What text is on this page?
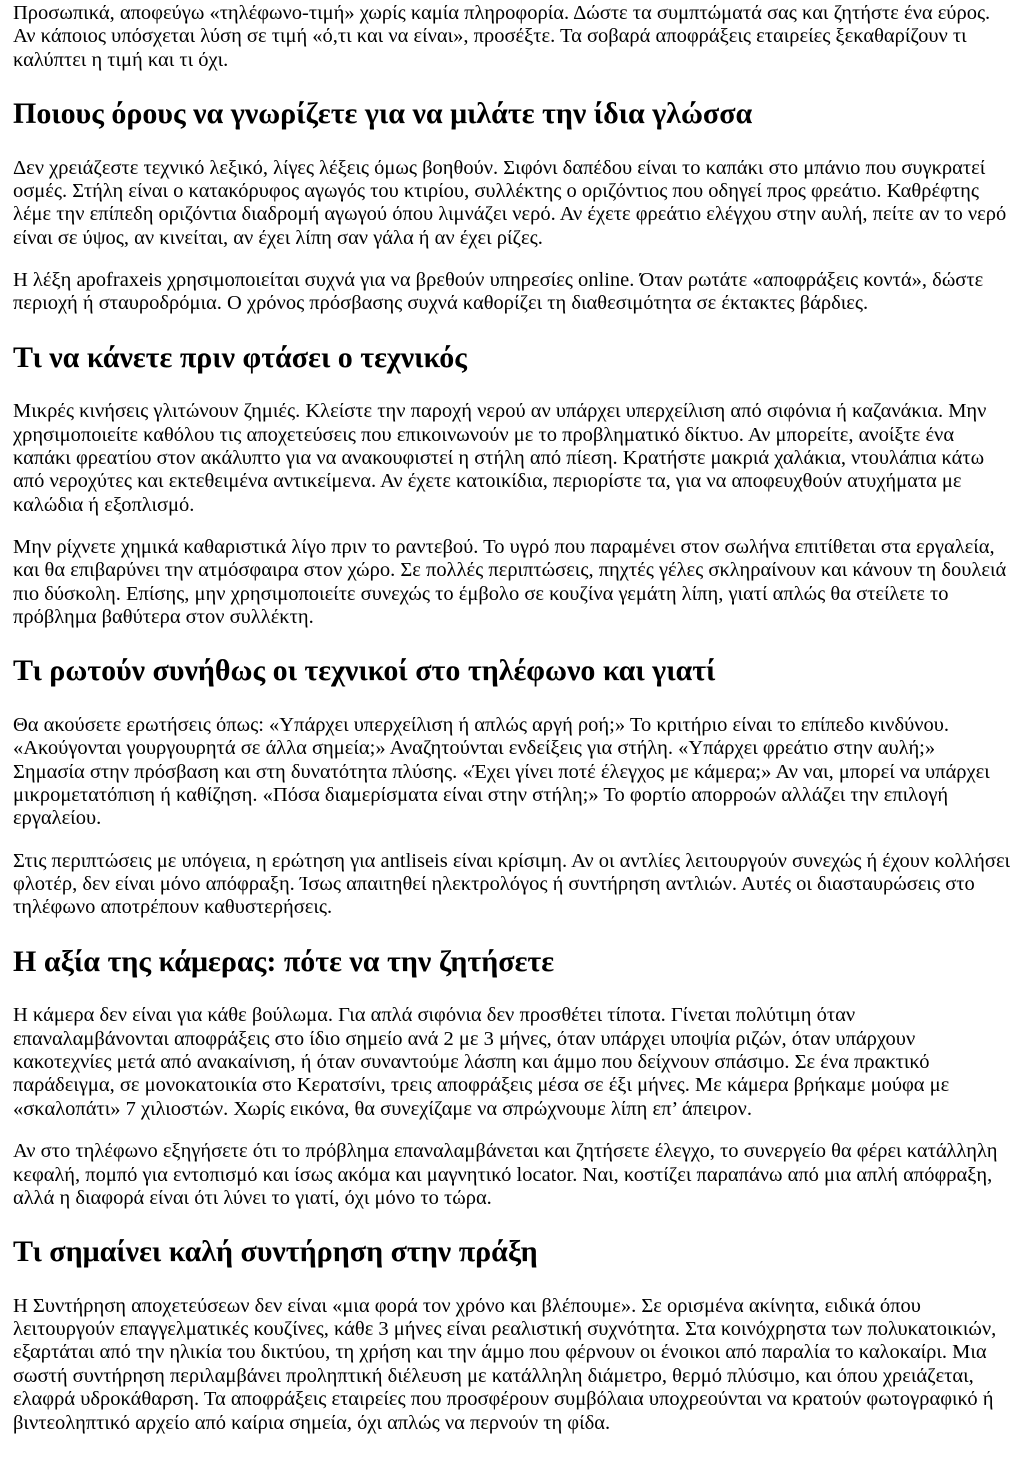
Προσωπικά, αποφεύγω «τηλέφωνο-τιμή» χωρίς καμία πληροφορία. Δώστε τα συμπτώματά σας και ζητήστε ένα εύρος. Αν κάποιος υπόσχεται λύση σε τιμή «ό,τι και να είναι», προσέξτε. Τα σοβαρά αποφράξεις εταιρείες ξεκαθαρίζουν τι καλύπτει η τιμή και τι όχι.

Ποιους όρους να γνωρίζετε για να μιλάτε την ίδια γλώσσα

Δεν χρειάζεστε τεχνικό λεξικό, λίγες λέξεις όμως βοηθούν. Σιφόνι δαπέδου είναι το καπάκι στο μπάνιο που συγκρατεί οσμές. Στήλη είναι ο κατακόρυφος αγωγός του κτιρίου, συλλέκτης ο οριζόντιος που οδηγεί προς φρεάτιο. Καθρέφτης λέμε την επίπεδη οριζόντια διαδρομή αγωγού όπου λιμνάζει νερό. Αν έχετε φρεάτιο ελέγχου στην αυλή, πείτε αν το νερό είναι σε ύψος, αν κινείται, αν έχει λίπη σαν γάλα ή αν έχει ρίζες.

Η λέξη apofraxeis χρησιμοποιείται συχνά για να βρεθούν υπηρεσίες online. Όταν ρωτάτε «αποφράξεις κοντά», δώστε περιοχή ή σταυροδρόμια. Ο χρόνος πρόσβασης συχνά καθορίζει τη διαθεσιμότητα σε έκτακτες βάρδιες.

Τι να κάνετε πριν φτάσει ο τεχνικός

Μικρές κινήσεις γλιτώνουν ζημιές. Κλείστε την παροχή νερού αν υπάρχει υπερχείλιση από σιφόνια ή καζανάκια. Μην χρησιμοποιείτε καθόλου τις αποχετεύσεις που επικοινωνούν με το προβληματικό δίκτυο. Αν μπορείτε, ανοίξτε ένα καπάκι φρεατίου στον ακάλυπτο για να ανακουφιστεί η στήλη από πίεση. Κρατήστε μακριά χαλάκια, ντουλάπια κάτω από νεροχύτες και εκτεθειμένα αντικείμενα. Αν έχετε κατοικίδια, περιορίστε τα, για να αποφευχθούν ατυχήματα με καλώδια ή εξοπλισμό.

Μην ρίχνετε χημικά καθαριστικά λίγο πριν το ραντεβού. Το υγρό που παραμένει στον σωλήνα επιτίθεται στα εργαλεία, και θα επιβαρύνει την ατμόσφαιρα στον χώρο. Σε πολλές περιπτώσεις, πηχτές γέλες σκληραίνουν και κάνουν τη δουλειά πιο δύσκολη. Επίσης, μην χρησιμοποιείτε συνεχώς το έμβολο σε κουζίνα γεμάτη λίπη, γιατί απλώς θα στείλετε το πρόβλημα βαθύτερα στον συλλέκτη.

Τι ρωτούν συνήθως οι τεχνικοί στο τηλέφωνο και γιατί

Θα ακούσετε ερωτήσεις όπως: «Υπάρχει υπερχείλιση ή απλώς αργή ροή;» Το κριτήριο είναι το επίπεδο κινδύνου. «Ακούγονται γουργουρητά σε άλλα σημεία;» Αναζητούνται ενδείξεις για στήλη. «Υπάρχει φρεάτιο στην αυλή;» Σημασία στην πρόσβαση και στη δυνατότητα πλύσης. «Έχει γίνει ποτέ έλεγχος με κάμερα;» Αν ναι, μπορεί να υπάρχει μικρομετατόπιση ή καθίζηση. «Πόσα διαμερίσματα είναι στην στήλη;» Το φορτίο απορροών αλλάζει την επιλογή εργαλείου.

Στις περιπτώσεις με υπόγεια, η ερώτηση για antliseis είναι κρίσιμη. Αν οι αντλίες λειτουργούν συνεχώς ή έχουν κολλήσει φλοτέρ, δεν είναι μόνο απόφραξη. Ίσως απαιτηθεί ηλεκτρολόγος ή συντήρηση αντλιών. Αυτές οι διασταυρώσεις στο τηλέφωνο αποτρέπουν καθυστερήσεις.

Η αξία της κάμερας: πότε να την ζητήσετε

Η κάμερα δεν είναι για κάθε βούλωμα. Για απλά σιφόνια δεν προσθέτει τίποτα. Γίνεται πολύτιμη όταν επαναλαμβάνονται αποφράξεις στο ίδιο σημείο ανά 2 με 3 μήνες, όταν υπάρχει υποψία ριζών, όταν υπάρχουν κακοτεχνίες μετά από ανακαίνιση, ή όταν συναντούμε λάσπη και άμμο που δείχνουν σπάσιμο. Σε ένα πρακτικό παράδειγμα, σε μονοκατοικία στο Κερατσίνι, τρεις αποφράξεις μέσα σε έξι μήνες. Με κάμερα βρήκαμε μούφα με «σκαλοπάτι» 7 χιλιοστών. Χωρίς εικόνα, θα συνεχίζαμε να σπρώχνουμε λίπη επ’ άπειρον.

Αν στο τηλέφωνο εξηγήσετε ότι το πρόβλημα επαναλαμβάνεται και ζητήσετε έλεγχο, το συνεργείο θα φέρει κατάλληλη κεφαλή, πομπό για εντοπισμό και ίσως ακόμα και μαγνητικό locator. Ναι, κοστίζει παραπάνω από μια απλή απόφραξη, αλλά η διαφορά είναι ότι λύνει το γιατί, όχι μόνο το τώρα.

Τι σημαίνει καλή συντήρηση στην πράξη

Η Συντήρηση αποχετεύσεων δεν είναι «μια φορά τον χρόνο και βλέπουμε». Σε ορισμένα ακίνητα, ειδικά όπου λειτουργούν επαγγελματικές κουζίνες, κάθε 3 μήνες είναι ρεαλιστική συχνότητα. Στα κοινόχρηστα των πολυκατοικιών, εξαρτάται από την ηλικία του δικτύου, τη χρήση και την άμμο που φέρνουν οι ένοικοι από παραλία το καλοκαίρι. Μια σωστή συντήρηση περιλαμβάνει προληπτική διέλευση με κατάλληλη διάμετρο, θερμό πλύσιμο, και όπου χρειάζεται, ελαφρά υδροκάθαρση. Τα αποφράξεις εταιρείες που προσφέρουν συμβόλαια υποχρεούνται να κρατούν φωτογραφικό ή βιντεοληπτικό αρχείο από καίρια σημεία, όχι απλώς να περνούν τη φίδα.
